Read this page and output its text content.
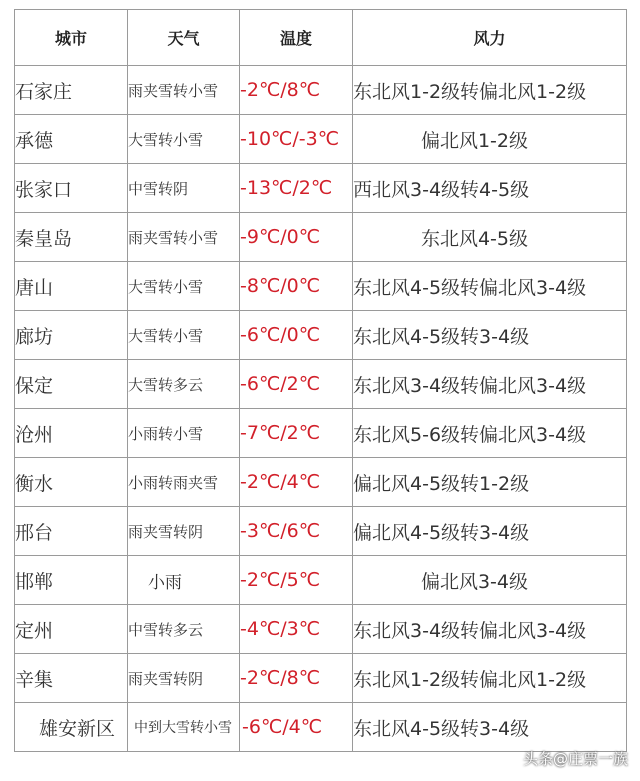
城市	天气	温度	风力
石家庄	雨夹雪转小雪	-2℃/8℃	东北风1-2级转偏北风1-2级
承德	大雪转小雪	-10℃/-3℃	偏北风1-2级
张家口	中雪转阴	-13℃/2℃	西北风3-4级转4-5级
秦皇岛	雨夹雪转小雪	-9℃/0℃	东北风4-5级
唐山	大雪转小雪	-8℃/0℃	东北风4-5级转偏北风3-4级
廊坊	大雪转小雪	-6℃/0℃	东北风4-5级转3-4级
保定	大雪转多云	-6℃/2℃	东北风3-4级转偏北风3-4级
沧州	小雨转小雪	-7℃/2℃	东北风5-6级转偏北风3-4级
衡水	小雨转雨夹雪	-2℃/4℃	偏北风4-5级转1-2级
邢台	雨夹雪转阴	-3℃/6℃	偏北风4-5级转3-4级
邯郸	小雨	-2℃/5℃	偏北风3-4级
定州	中雪转多云	-4℃/3℃	东北风3-4级转偏北风3-4级
辛集	雨夹雪转阴	-2℃/8℃	东北风1-2级转偏北风1-2级
雄安新区	中到大雪转小雪	-6℃/4℃	东北风4-5级转3-4级
头条@庄票一族
